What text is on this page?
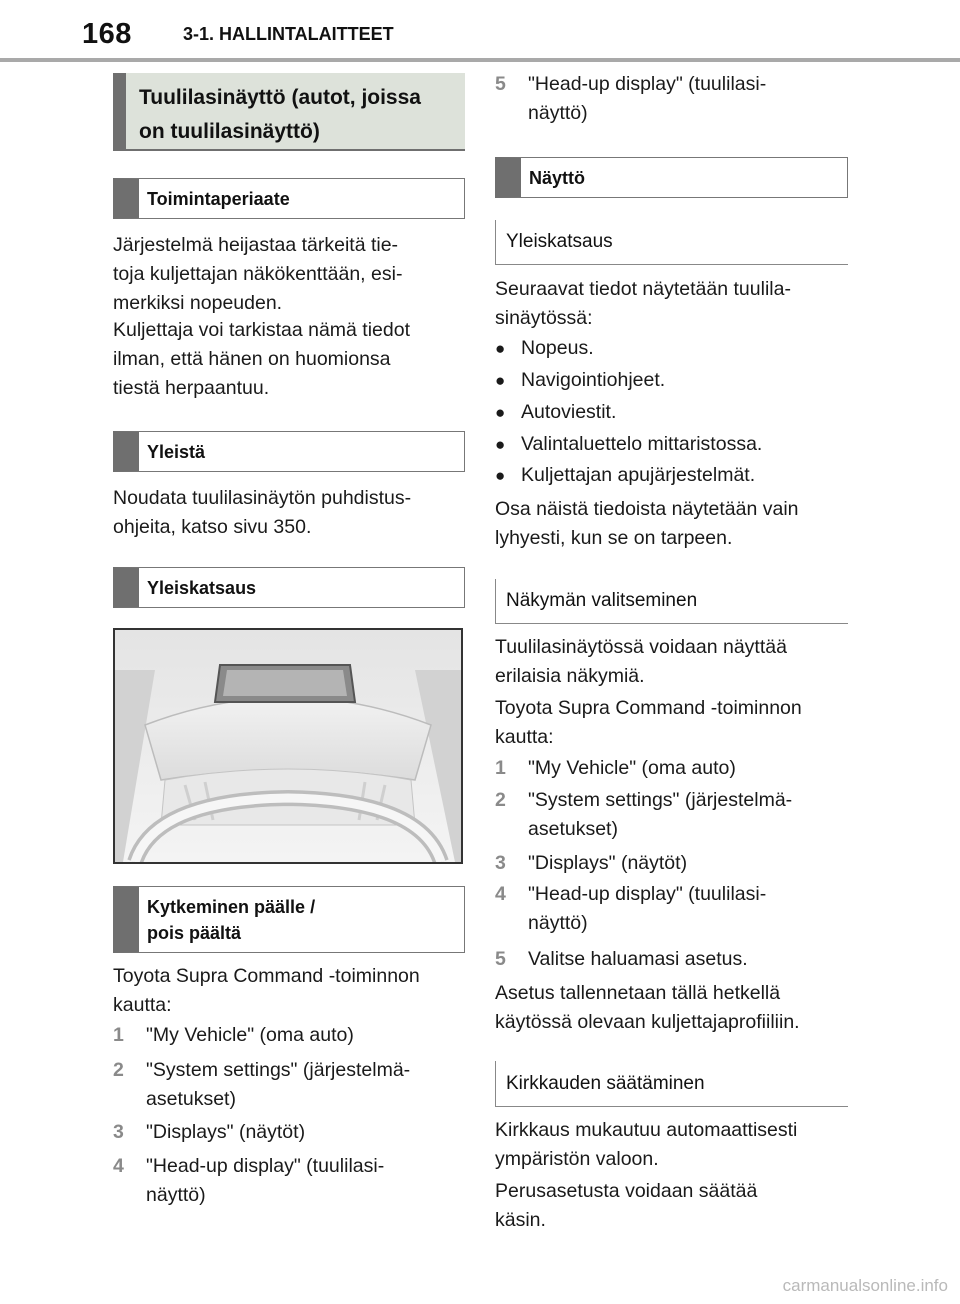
168	3-1. HALLINTALAITTEET
Tuulilasinäyttö (autot, joissa
on tuulilasinäyttö)
Toimintaperiaate
Järjestelmä heijastaa tärkeitä tie-
toja kuljettajan näkökenttään, esi-
merkiksi nopeuden.
Kuljettaja voi tarkistaa nämä tiedot
ilman, että hänen on huomionsa
tiestä herpaantuu.
Yleistä
Noudata tuulilasinäytön puhdistus-
ohjeita, katso sivu 350.
Yleiskatsaus
Kytkeminen päälle /
pois päältä
Toyota Supra Command -toiminnon
kautta:
1	"My Vehicle" (oma auto)
2	"System settings" (järjestelmä-
asetukset)
3	"Displays" (näytöt)
4	"Head-up display" (tuulilasi-
näyttö)
5	"Head-up display" (tuulilasi-
näyttö)
Näyttö
Yleiskatsaus
Seuraavat tiedot näytetään tuulila-
sinäytössä:
● Nopeus.
● Navigointiohjeet.
● Autoviestit.
● Valintaluettelo mittaristossa.
● Kuljettajan apujärjestelmät.
Osa näistä tiedoista näytetään vain
lyhyesti, kun se on tarpeen.
Näkymän valitseminen
Tuulilasinäytössä voidaan näyttää
erilaisia näkymiä.
Toyota Supra Command -toiminnon
kautta:
1	"My Vehicle" (oma auto)
2	"System settings" (järjestelmä-
asetukset)
3	"Displays" (näytöt)
4	"Head-up display" (tuulilasi-
näyttö)
5	Valitse haluamasi asetus.
Asetus tallennetaan tällä hetkellä
käytössä olevaan kuljettajaprofiiliin.
Kirkkauden säätäminen
Kirkkaus mukautuu automaattisesti
ympäristön valoon.
Perusasetusta voidaan säätää
käsin.
carmanualsonline.info
